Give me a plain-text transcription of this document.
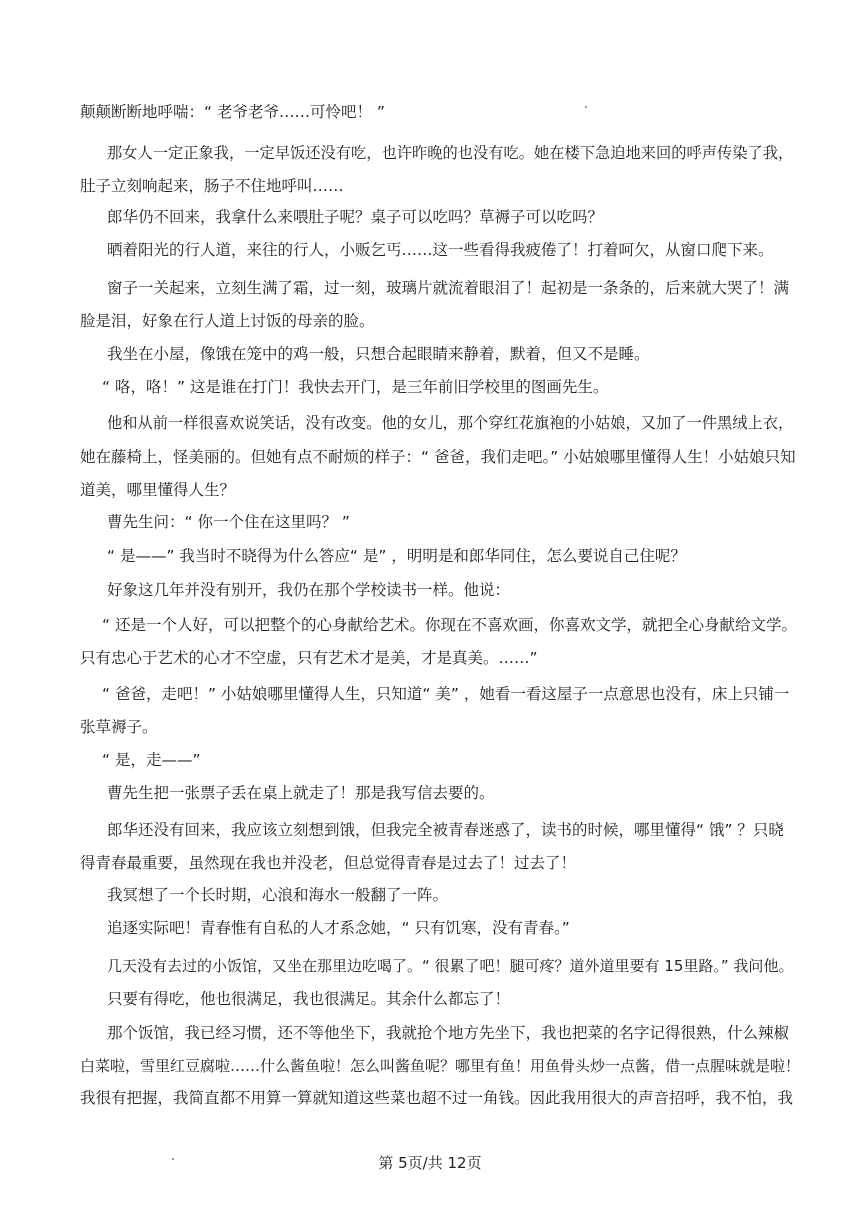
颠颠断断地呼喘：“ 老爷老爷……可怜吧！ ”
那女人一定正象我，一定早饭还没有吃，也许昨晚的也没有吃。她在楼下急迫地来回的呼声传染了我，
肚子立刻响起来，肠子不住地呼叫……
郎华仍不回来，我拿什么来喂肚子呢？桌子可以吃吗？草褥子可以吃吗？
晒着阳光的行人道，来往的行人，小贩乞丐……这一些看得我疲倦了！打着呵欠，从窗口爬下来。
窗子一关起来，立刻生满了霜，过一刻，玻璃片就流着眼泪了！起初是一条条的，后来就大哭了！满
脸是泪，好象在行人道上讨饭的母亲的脸。
我坐在小屋，像饿在笼中的鸡一般，只想合起眼睛来静着，默着，但又不是睡。
“ 咯，咯！” 这是谁在打门！我快去开门，是三年前旧学校里的图画先生。
他和从前一样很喜欢说笑话，没有改变。他的女儿，那个穿红花旗袍的小姑娘，又加了一件黑绒上衣，
她在藤椅上，怪美丽的。但她有点不耐烦的样子：“ 爸爸，我们走吧。” 小姑娘哪里懂得人生！小姑娘只知
道美，哪里懂得人生？
曹先生问：“ 你一个住在这里吗？ ”
“ 是——” 我当时不晓得为什么答应“ 是” ，明明是和郎华同住，怎么要说自己住呢？
好象这几年并没有别开，我仍在那个学校读书一样。他说：
“ 还是一个人好，可以把整个的心身献给艺术。你现在不喜欢画，你喜欢文学，就把全心身献给文学。
只有忠心于艺术的心才不空虚，只有艺术才是美，才是真美。……”
“ 爸爸，走吧！” 小姑娘哪里懂得人生，只知道“ 美” ，她看一看这屋子一点意思也没有，床上只铺一
张草褥子。
“ 是，走——”
曹先生把一张票子丢在桌上就走了！那是我写信去要的。
郎华还没有回来，我应该立刻想到饿，但我完全被青春迷惑了，读书的时候，哪里懂得“ 饿” ？只晓
得青春最重要，虽然现在我也并没老，但总觉得青春是过去了！过去了！
我冥想了一个长时期，心浪和海水一般翻了一阵。
追逐实际吧！青春惟有自私的人才系念她，“ 只有饥寒，没有青春。”
几天没有去过的小饭馆，又坐在那里边吃喝了。“ 很累了吧！腿可疼？道外道里要有 15里路。” 我问他。
只要有得吃，他也很满足，我也很满足。其余什么都忘了！
那个饭馆，我已经习惯，还不等他坐下，我就抢个地方先坐下，我也把菜的名字记得很熟，什么辣椒
白菜啦，雪里红豆腐啦……什么酱鱼啦！怎么叫酱鱼呢？哪里有鱼！用鱼骨头炒一点酱，借一点腥味就是啦！
我很有把握，我简直都不用算一算就知道这些菜也超不过一角钱。因此我用很大的声音招呼，我不怕，我
第 5页/共 12页
